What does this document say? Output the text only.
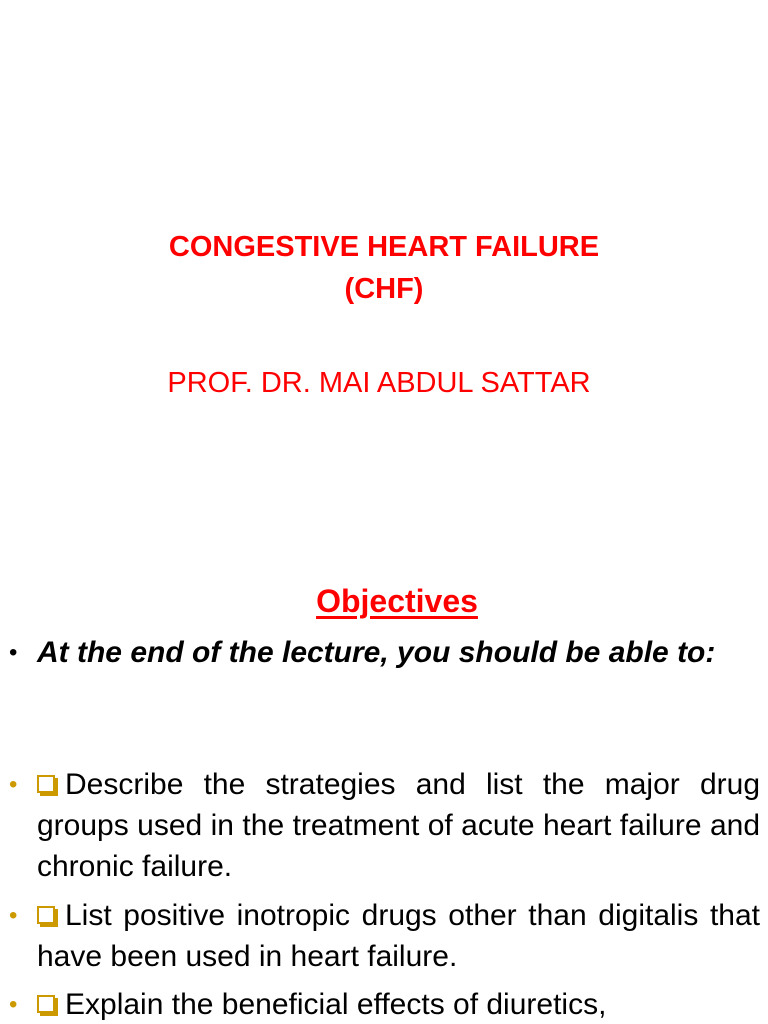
CONGESTIVE HEART FAILURE
(CHF)

PROF. DR. MAI ABDUL SATTAR

Objectives
• At the end of the lecture, you should be able to:

•	Describe the strategies and list the major drug groups used in the treatment of acute heart failure and chronic failure.

•	List positive inotropic drugs other than digitalis that have been used in heart failure.

•	Explain the beneficial effects of diuretics,
